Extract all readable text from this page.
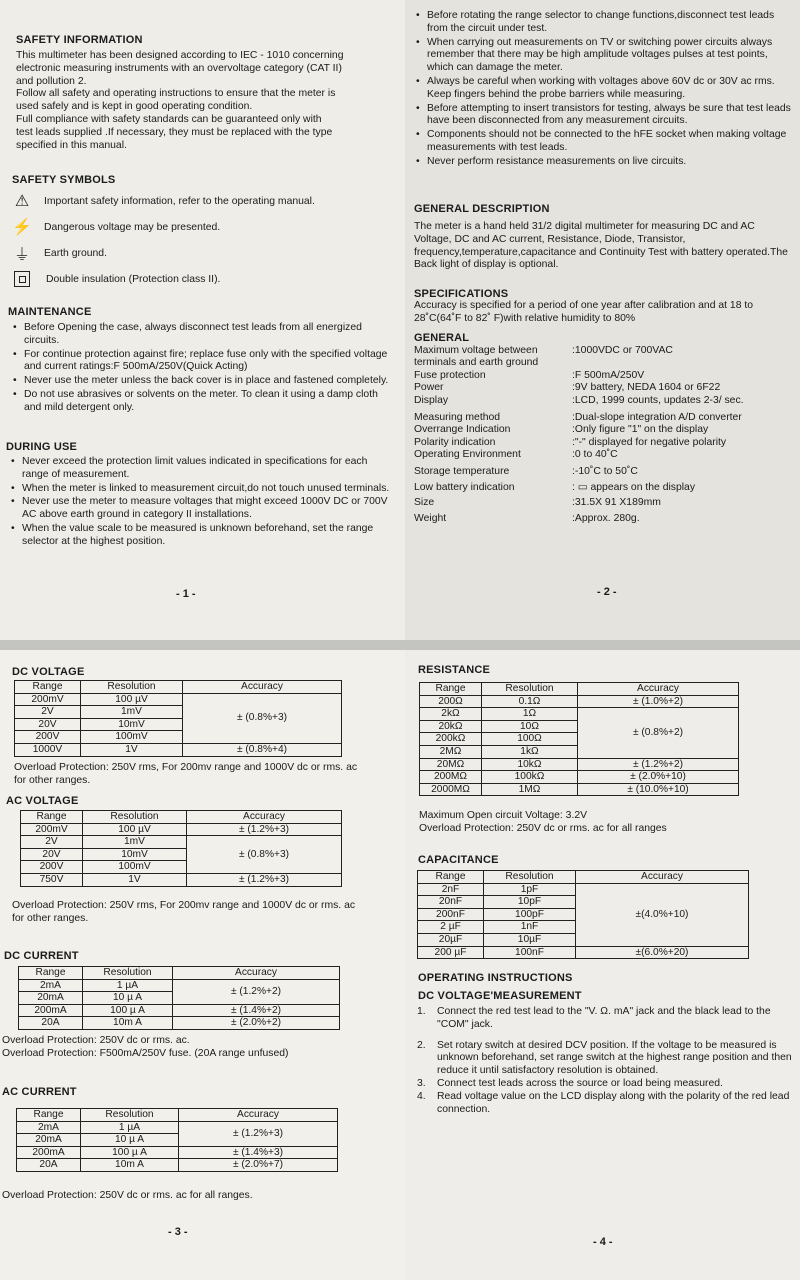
SAFETY INFORMATION
This multimeter has been designed according to IEC - 1010 concerning
electronic measuring instruments with an overvoltage category (CAT II)
and pollution 2.
Follow all safety and operating instructions to ensure that the meter is
used safely and is kept in good operating condition.
Full compliance with safety standards can be guaranteed only with
test leads supplied .If necessary, they must be replaced with the type
specified in this manual.
SAFETY SYMBOLS
⚠ Important safety information, refer to the operating manual.
⚡ Dangerous voltage may be presented.
⏚ Earth ground.
Double insulation (Protection class II).
MAINTENANCE
• Before Opening the case, always disconnect test leads from all energized circuits.
• For continue protection against fire; replace fuse only with the specified voltage and current ratings:F 500mA/250V(Quick Acting)
• Never use the meter unless the back cover is in place and fastened completely.
• Do not use abrasives or solvents on the meter. To clean it using a damp cloth and mild detergent only.
DURING USE
• Never exceed the protection limit values indicated in specifications for each range of measurement.
• When the meter is linked to measurement circuit,do not touch unused terminals.
• Never use the meter to measure voltages that might exceed 1000V DC or 700V AC above earth ground in category II installations.
• When the value scale to be measured is unknown beforehand, set the range selector at the highest position.
- 1 -
• Before rotating the range selector to change functions,disconnect test leads from the circuit under test.
• When carrying out measurements on TV or switching power circuits always remember that there may be high amplitude voltages pulses at test points, which can damage the meter.
• Always be careful when working with voltages above 60V dc or 30V ac rms. Keep fingers behind the probe barriers while measuring.
• Before attempting to insert transistors for testing, always be sure that test leads have been disconnected from any measurement circuits.
• Components should not be connected to the hFE socket when making voltage measurements with test leads.
• Never perform resistance measurements on live circuits.
GENERAL DESCRIPTION
The meter is a hand held 31/2 digital multimeter for measuring DC and AC Voltage, DC and AC current, Resistance, Diode, Transistor, frequency,temperature,capacitance and Continuity Test with battery operated.The Back light of display is optional.
SPECIFICATIONS
Accuracy is specified for a period of one year after calibration and at 18 to 28˚C(64˚F to 82˚ F)with relative humidity to 80%
GENERAL
Maximum voltage between terminals and earth ground
:1000VDC or 700VAC
Fuse protection	:F 500mA/250V
Power	:9V battery, NEDA 1604 or 6F22
Display	:LCD, 1999 counts, updates 2-3/ sec.
Measuring method	:Dual-slope integration A/D converter
Overrange Indication	:Only figure "1" on the display
Polarity indication	:"-" displayed for negative polarity
Operating Environment	:0 to 40˚C
Storage temperature	:-10˚C to 50˚C
Low battery indication	: ▭ appears on the display
Size	:31.5X 91 X189mm
Weight	:Approx. 280g.
- 2 -
DC VOLTAGE
Range	Resolution	Accuracy
200mV	100 µV	± (0.8%+3)
2V	1mV	
20V	10mV	
200V	100mV	
1000V	1V	± (0.8%+4)
Overload Protection: 250V rms, For 200mv range and 1000V dc or rms. ac for other ranges.
AC VOLTAGE
Range	Resolution	Accuracy
200mV	100 µV	± (1.2%+3)
2V	1mV	± (0.8%+3)
20V	10mV	
200V	100mV	
750V	1V	± (1.2%+3)
Overload Protection: 250V rms, For 200mv range and 1000V dc or rms. ac for other ranges.
DC CURRENT
Range	Resolution	Accuracy
2mA	1 µA	± (1.2%+2)
20mA	10 µ A	
200mA	100 µ A	± (1.4%+2)
20A	10m A	± (2.0%+2)
Overload Protection: 250V dc or rms. ac.
Overload Protection: F500mA/250V fuse. (20A range unfused)
AC CURRENT
Range	Resolution	Accuracy
2mA	1 µA	± (1.2%+3)
20mA	10 µ A	
200mA	100 µ A	± (1.4%+3)
20A	10m A	± (2.0%+7)
Overload Protection: 250V dc or rms. ac for all ranges.
- 3 -
RESISTANCE
Range	Resolution	Accuracy
200Ω	0.1Ω	± (1.0%+2)
2kΩ	1Ω	± (0.8%+2)
20kΩ	10Ω	
200kΩ	100Ω	
2MΩ	1kΩ	
20MΩ	10kΩ	± (1.2%+2)
200MΩ	100kΩ	± (2.0%+10)
2000MΩ	1MΩ	± (10.0%+10)
Maximum Open circuit Voltage: 3.2V
Overload Protection: 250V dc or rms. ac for all ranges
CAPACITANCE
Range	Resolution	Accuracy
2nF	1pF	±(4.0%+10)
20nF	10pF	
200nF	100pF	
2 µF	1nF	
20µF	10µF	
200 µF	100nF	±(6.0%+20)
OPERATING INSTRUCTIONS
DC VOLTAGE'MEASUREMENT
1.	Connect the red test lead to the "V. Ω. mA" jack and the black lead to the "COM" jack.
2.	Set rotary switch at desired DCV position. If the voltage to be measured is unknown beforehand, set range switch at the highest range position and then reduce it until satisfactory resolution is obtained.
3.	Connect test leads across the source or load being measured.
4.	Read voltage value on the LCD display along with the polarity of the red lead connection.
- 4 -
